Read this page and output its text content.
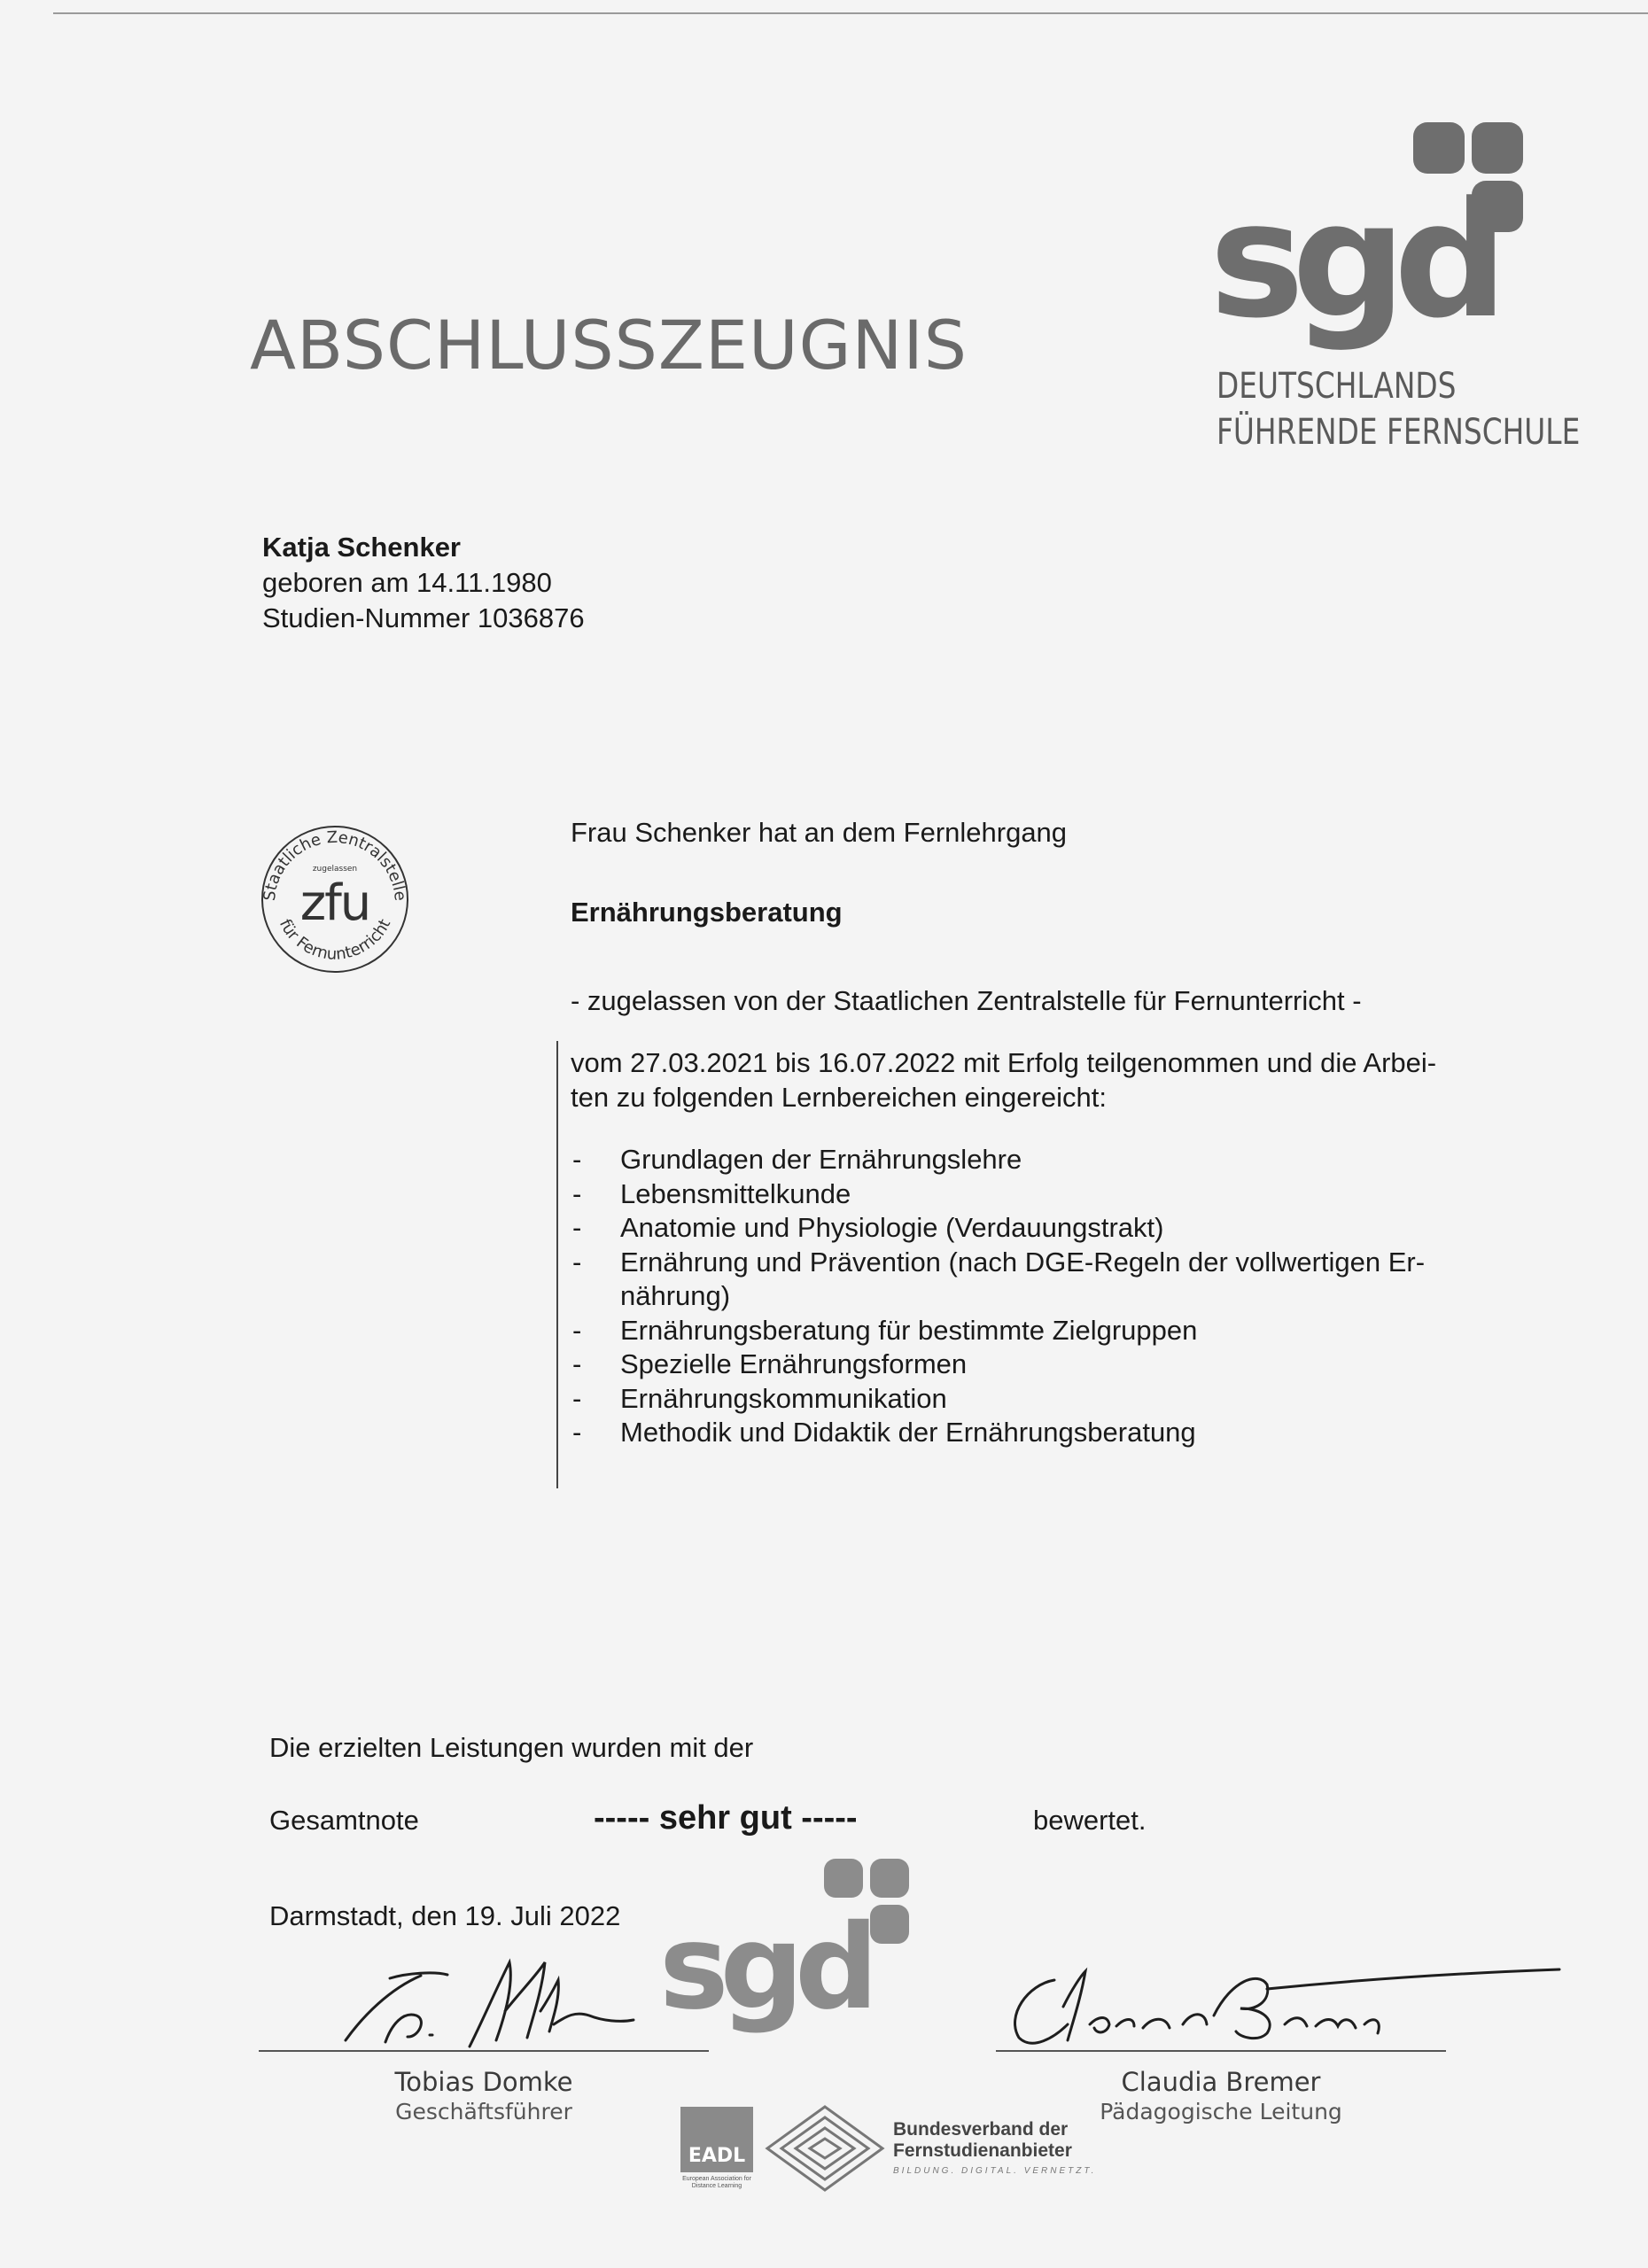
ABSCHLUSSZEUGNIS sgd

DEUTSCHLANDS
FÜHRENDE FERNSCHULE

Katja Schenker
geboren am 14.11.1980
Studien-Nummer 1036876
Staatliche Zentralstelle
für Fernunterricht
zugelassen
zfu
Frau Schenker hat an dem Fernlehrgang
Ernährungsberatung
- zugelassen von der Staatlichen Zentralstelle für Fernunterricht -
vom 27.03.2021 bis 16.07.2022 mit Erfolg teilgenommen und die Arbei-
ten zu folgenden Lernbereichen eingereicht:
- Grundlagen der Ernährungslehre
- Lebensmittelkunde
- Anatomie und Physiologie (Verdauungstrakt)
- Ernährung und Prävention (nach DGE-Regeln der vollwertigen Er-
nährung)
- Ernährungsberatung für bestimmte Zielgruppen
- Spezielle Ernährungsformen
- Ernährungskommunikation
- Methodik und Didaktik der Ernährungsberatung
Die erzielten Leistungen wurden mit der
Gesamtnote	----- sehr gut -----	bewertet.
Darmstadt, den 19. Juli 2022 sgd
Tobias Domke
Geschäftsführer
Claudia Bremer
Pädagogische Leitung
EADL
European Association for Distance Learning
Bundesverband der
Fernstudienanbieter
BILDUNG. DIGITAL. VERNETZT.
